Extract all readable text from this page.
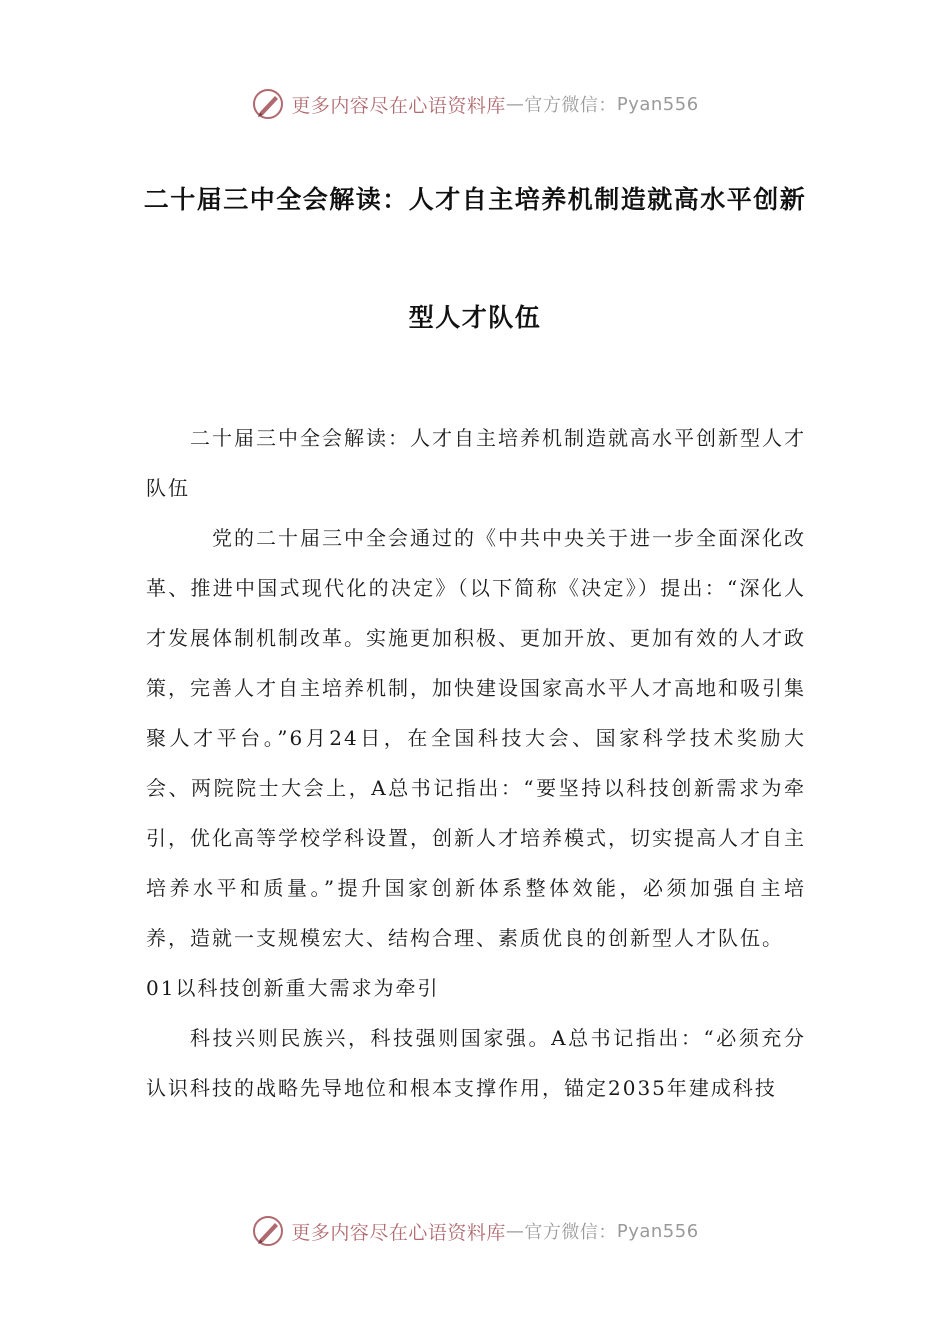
更多内容尽在心语资料库 — 官方微信： Pyan556
二十届三中全会解读：人才自主培养机制造就高水平创新
型人才队伍

二十届三中全会解读：人才自主培养机制造就高水平创新型人才队伍

党的二十届三中全会通过的《中共中央关于进一步全面深化改革、推进中国式现代化的决定》（以下简称《决定》）提出：“深化人才发展体制机制改革。实施更加积极、更加开放、更加有效的人才政策，完善人才自主培养机制，加快建设国家高水平人才高地和吸引集聚人才平台。”6月24日，在全国科技大会、国家科学技术奖励大会、两院院士大会上，A总书记指出：“要坚持以科技创新需求为牵引，优化高等学校学科设置，创新人才培养模式，切实提高人才自主培养水平和质量。”提升国家创新体系整体效能，必须加强自主培养，造就一支规模宏大、结构合理、素质优良的创新型人才队伍。

01以科技创新重大需求为牵引

科技兴则民族兴，科技强则国家强。A总书记指出：“必须充分认识科技的战略先导地位和根本支撑作用，锚定2035年建成科技

更多内容尽在心语资料库 — 官方微信： Pyan556
